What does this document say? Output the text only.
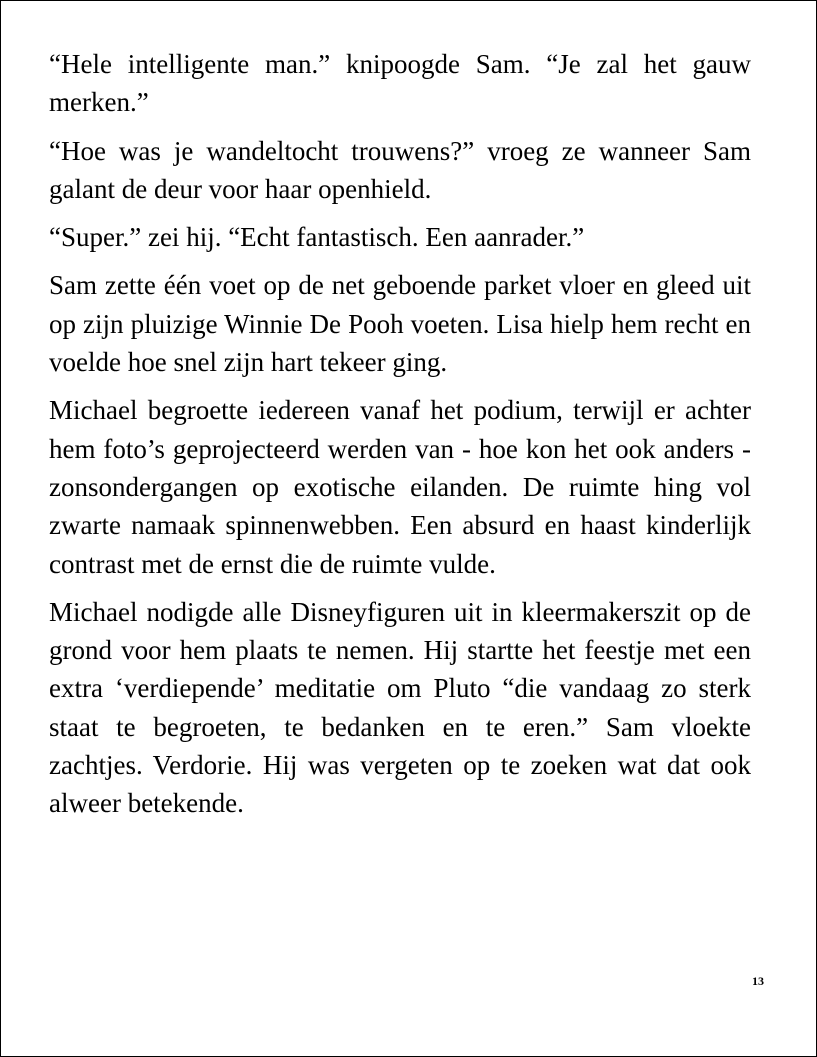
“Hele intelligente man.” knipoogde Sam. “Je zal het gauw merken.”

“Hoe was je wandeltocht trouwens?” vroeg ze wanneer Sam galant de deur voor haar openhield.

“Super.” zei hij. “Echt fantastisch. Een aanrader.”

Sam zette één voet op de net geboende parket vloer en gleed uit op zijn pluizige Winnie De Pooh voeten. Lisa hielp hem recht en voelde hoe snel zijn hart tekeer ging.

Michael begroette iedereen vanaf het podium, terwijl er achter hem foto’s geprojecteerd werden van - hoe kon het ook anders - zonsondergangen op exotische eilanden. De ruimte hing vol zwarte namaak spinnenwebben. Een absurd en haast kinderlijk contrast met de ernst die de ruimte vulde.

Michael nodigde alle Disneyfiguren uit in kleermakerszit op de grond voor hem plaats te nemen. Hij startte het feestje met een extra ‘verdiepende’ meditatie om Pluto “die vandaag zo sterk staat te begroeten, te bedanken en te eren.” Sam vloekte zachtjes. Verdorie. Hij was vergeten op te zoeken wat dat ook alweer betekende.

13
